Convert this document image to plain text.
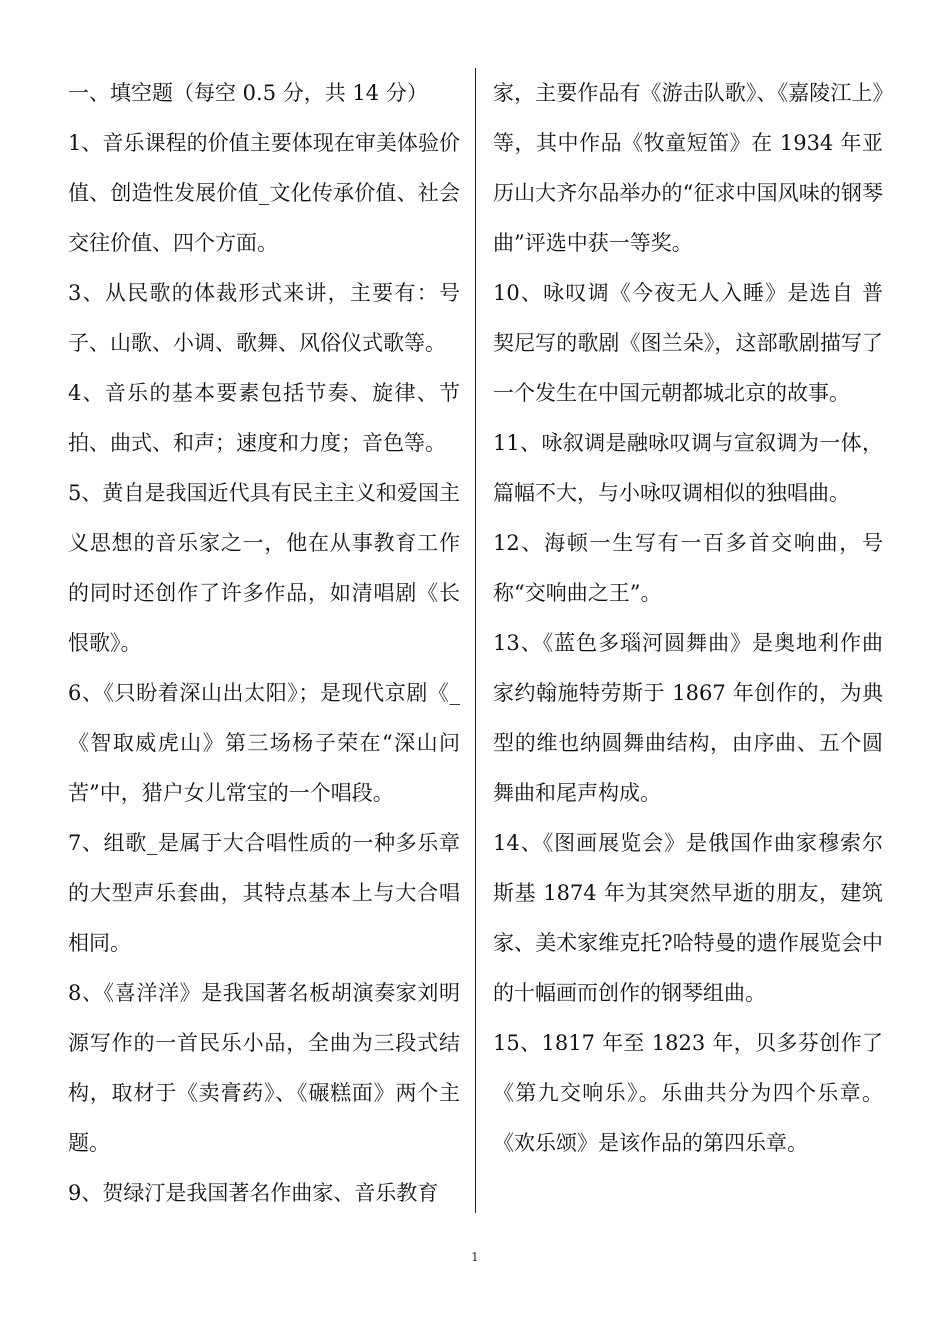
一、填空题（每空 0.5 分，共 14 分）

1、音乐课程的价值主要体现在审美体验价值、创造性发展价值_文化传承价值、社会交往价值、四个方面。

3、从民歌的体裁形式来讲，主要有：号子、山歌、小调、歌舞、风俗仪式歌等。

4、音乐的基本要素包括节奏、旋律、节拍、曲式、和声；速度和力度；音色等。

5、黄自是我国近代具有民主主义和爱国主义思想的音乐家之一，他在从事教育工作的同时还创作了许多作品，如清唱剧《长恨歌》。

6、《只盼着深山出太阳》；是现代京剧《_《智取威虎山》第三场杨子荣在“深山问苦”中，猎户女儿常宝的一个唱段。

7、组歌_是属于大合唱性质的一种多乐章的大型声乐套曲，其特点基本上与大合唱相同。

8、《喜洋洋》是我国著名板胡演奏家刘明源写作的一首民乐小品，全曲为三段式结构，取材于《卖膏药》、《碾糕面》两个主题。

9、贺绿汀是我国著名作曲家、音乐教育

家，主要作品有《游击队歌》、《嘉陵江上》等，其中作品《牧童短笛》在 1934 年亚历山大齐尔品举办的“征求中国风味的钢琴曲”评选中获一等奖。

10、咏叹调《今夜无人入睡》是选自 普契尼写的歌剧《图兰朵》，这部歌剧描写了一个发生在中国元朝都城北京的故事。

11、咏叙调是融咏叹调与宣叙调为一体，篇幅不大，与小咏叹调相似的独唱曲。

12、海顿一生写有一百多首交响曲，号称“交响曲之王”。

13、《蓝色多瑙河圆舞曲》是奥地利作曲家约翰施特劳斯于 1867 年创作的，为典型的维也纳圆舞曲结构，由序曲、五个圆舞曲和尾声构成。

14、《图画展览会》是俄国作曲家穆索尔斯基 1874 年为其突然早逝的朋友，建筑家、美术家维克托?哈特曼的遗作展览会中的十幅画而创作的钢琴组曲。

15、1817 年至 1823 年，贝多芬创作了《第九交响乐》。乐曲共分为四个乐章。《欢乐颂》是该作品的第四乐章。

1
